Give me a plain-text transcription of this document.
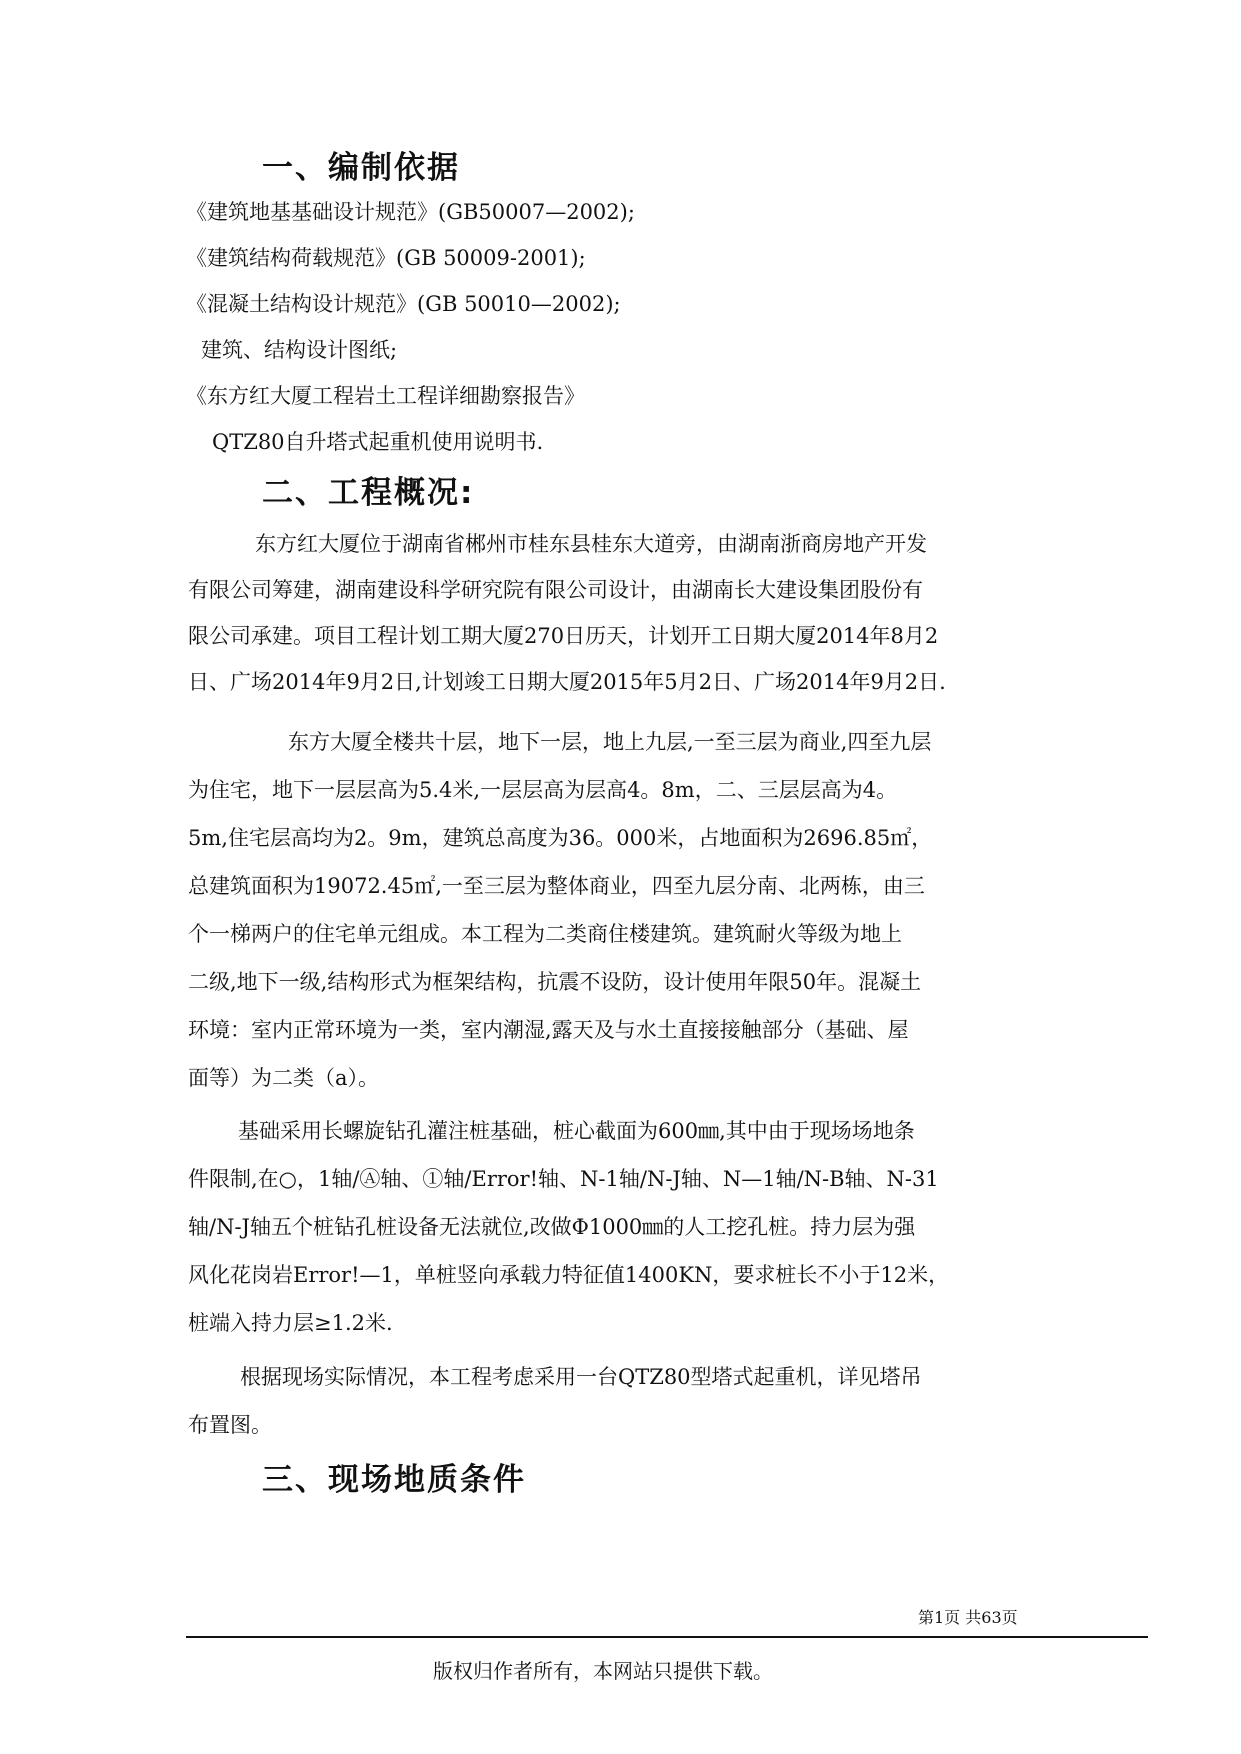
一、编制依据
《建筑地基基础设计规范》(GB50007—2002);
《建筑结构荷载规范》(GB 50009-2001);
《混凝土结构设计规范》(GB 50010—2002);
建筑、结构设计图纸;
《东方红大厦工程岩土工程详细勘察报告》
QTZ80自升塔式起重机使用说明书.
二、工程概况:
东方红大厦位于湖南省郴州市桂东县桂东大道旁，由湖南浙商房地产开发
有限公司筹建，湖南建设科学研究院有限公司设计，由湖南长大建设集团股份有
限公司承建。项目工程计划工期大厦270日历天，计划开工日期大厦2014年8月2
日、广场2014年9月2日,计划竣工日期大厦2015年5月2日、广场2014年9月2日.
东方大厦全楼共十层，地下一层，地上九层,一至三层为商业,四至九层
为住宅，地下一层层高为5.4米,一层层高为层高4。8m，二、三层层高为4。
5m,住宅层高均为2。9m，建筑总高度为36。000米，占地面积为2696.85㎡，
总建筑面积为19072.45㎡,一至三层为整体商业，四至九层分南、北两栋，由三
个一梯两户的住宅单元组成。本工程为二类商住楼建筑。建筑耐火等级为地上
二级,地下一级,结构形式为框架结构，抗震不设防，设计使用年限50年。混凝土
环境：室内正常环境为一类，室内潮湿,露天及与水土直接接触部分（基础、屋
面等）为二类（a）。
基础采用长螺旋钻孔灌注桩基础，桩心截面为600㎜,其中由于现场场地条
件限制,在○，1轴/Ⓐ轴、①轴/Error!轴、N-1轴/N-J轴、N—1轴/N-B轴、N-31
轴/N-J轴五个桩钻孔桩设备无法就位,改做Φ1000㎜的人工挖孔桩。持力层为强
风化花岗岩Error!—1，单桩竖向承载力特征值1400KN，要求桩长不小于12米，
桩端入持力层≥1.2米.
根据现场实际情况，本工程考虑采用一台QTZ80型塔式起重机，详见塔吊
布置图。
三、现场地质条件
第1页 共63页
版权归作者所有，本网站只提供下载。
